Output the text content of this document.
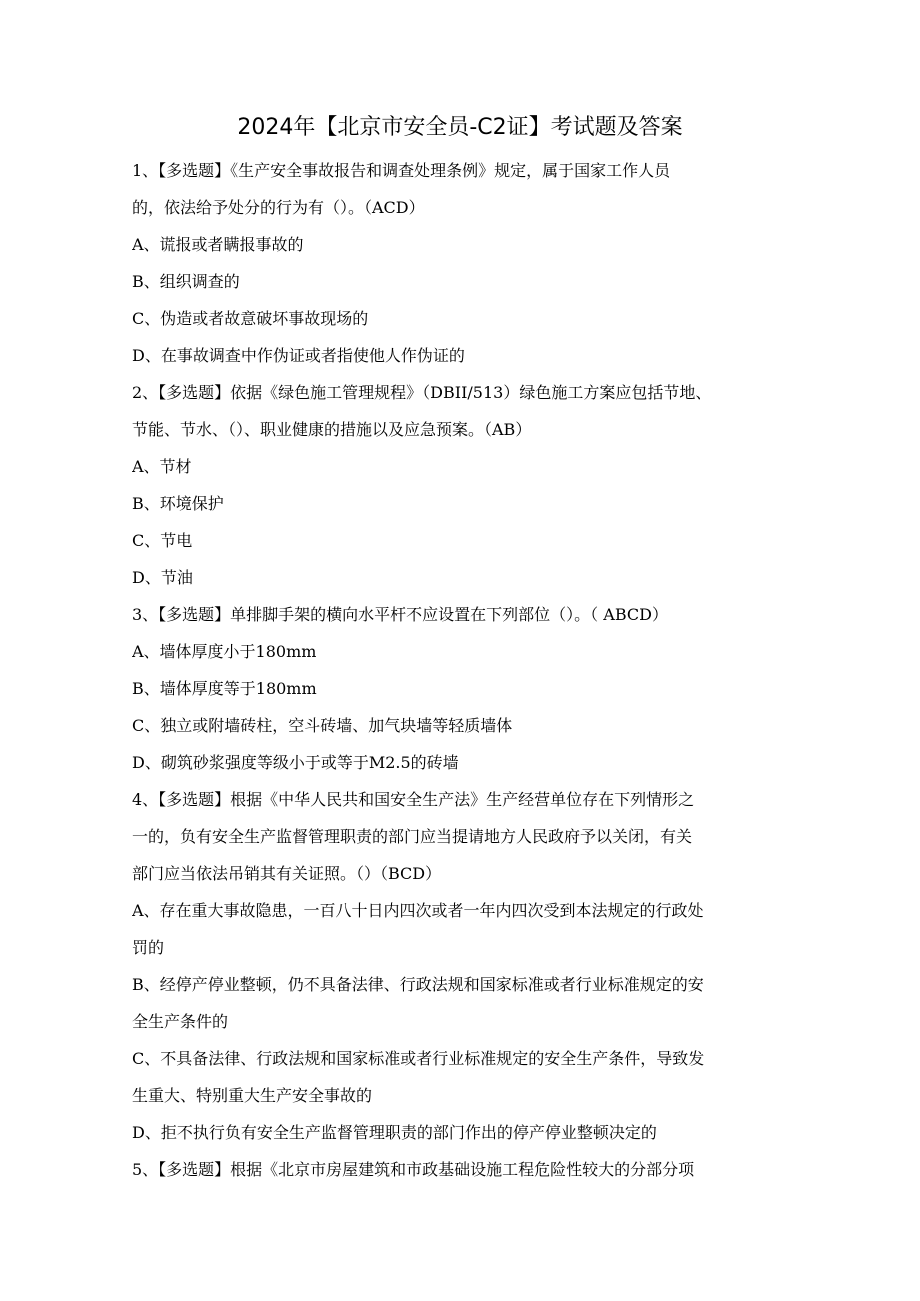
2024年【北京市安全员-C2证】考试题及答案
1、【多选题】《生产安全事故报告和调查处理条例》规定，属于国家工作人员
的，依法给予处分的行为有（）。（ACD）
A、谎报或者瞒报事故的
B、组织调查的
C、伪造或者故意破坏事故现场的
D、在事故调查中作伪证或者指使他人作伪证的
2、【多选题】依据《绿色施工管理规程》（DBII/513）绿色施工方案应包括节地、
节能、节水、（）、职业健康的措施以及应急预案。（AB）
A、节材
B、环境保护
C、节电
D、节油
3、【多选题】单排脚手架的横向水平杆不应设置在下列部位（）。（ ABCD）
A、墙体厚度小于180mm
B、墙体厚度等于180mm
C、独立或附墙砖柱，空斗砖墙、加气块墙等轻质墙体
D、砌筑砂浆强度等级小于或等于M2.5的砖墙
4、【多选题】根据《中华人民共和国安全生产法》生产经营单位存在下列情形之
一的，负有安全生产监督管理职责的部门应当提请地方人民政府予以关闭，有关
部门应当依法吊销其有关证照。（）（BCD）
A、存在重大事故隐患，一百八十日内四次或者一年内四次受到本法规定的行政处
罚的
B、经停产停业整顿，仍不具备法律、行政法规和国家标准或者行业标准规定的安
全生产条件的
C、不具备法律、行政法规和国家标准或者行业标准规定的安全生产条件，导致发
生重大、特别重大生产安全事故的
D、拒不执行负有安全生产监督管理职责的部门作出的停产停业整顿决定的
5、【多选题】根据《北京市房屋建筑和市政基础设施工程危险性较大的分部分项
